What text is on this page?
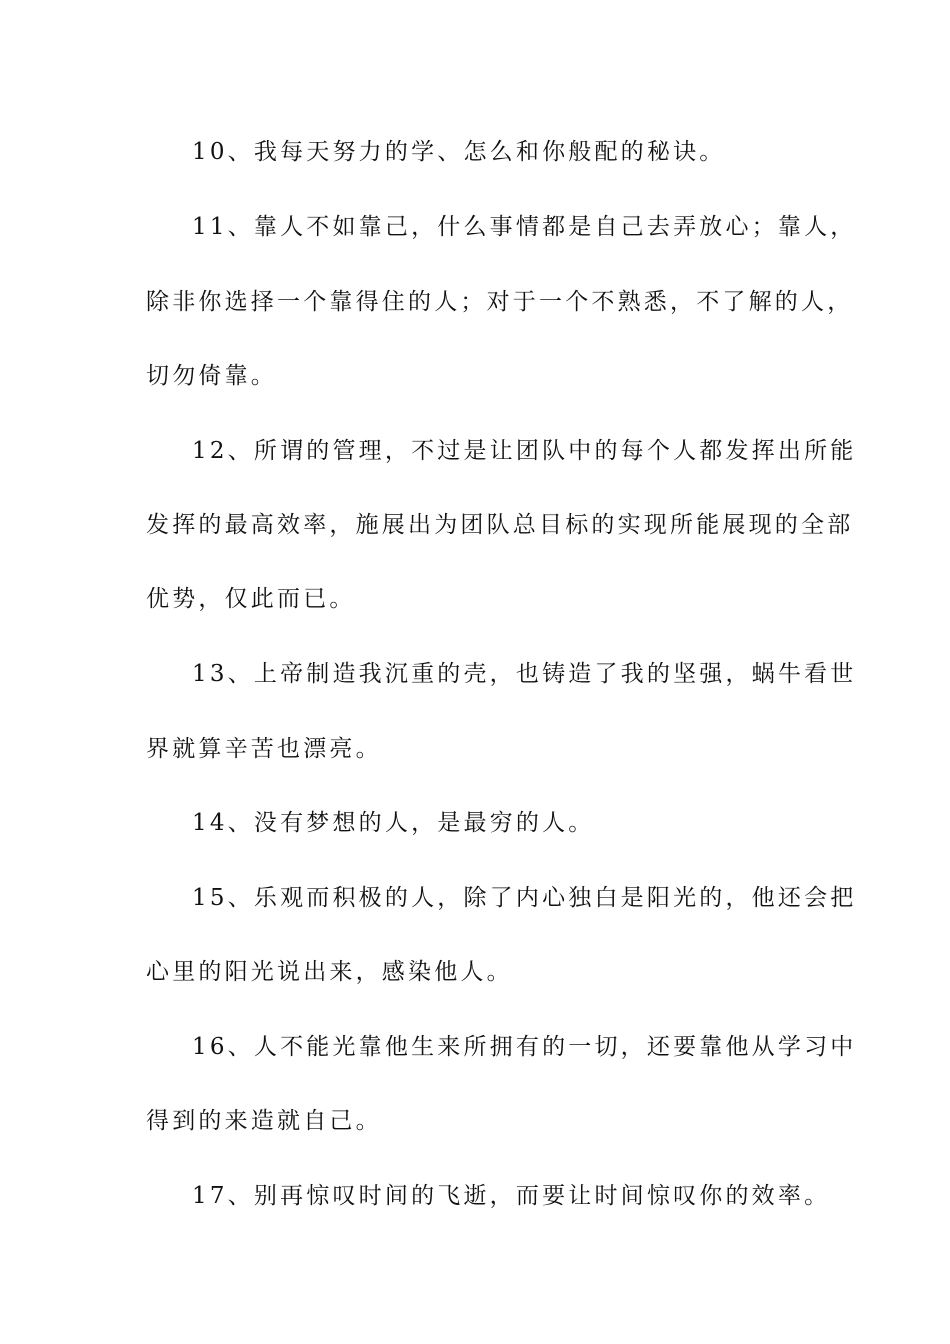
10、我每天努力的学、怎么和你般配的秘诀。
11、靠人不如靠己，什么事情都是自己去弄放心；靠人，
除非你选择一个靠得住的人；对于一个不熟悉，不了解的人，
切勿倚靠。
12、所谓的管理，不过是让团队中的每个人都发挥出所能
发挥的最高效率，施展出为团队总目标的实现所能展现的全部
优势，仅此而已。
13、上帝制造我沉重的壳，也铸造了我的坚强，蜗牛看世
界就算辛苦也漂亮。
14、没有梦想的人，是最穷的人。
15、乐观而积极的人，除了内心独白是阳光的，他还会把
心里的阳光说出来，感染他人。
16、人不能光靠他生来所拥有的一切，还要靠他从学习中
得到的来造就自己。
17、别再惊叹时间的飞逝，而要让时间惊叹你的效率。
